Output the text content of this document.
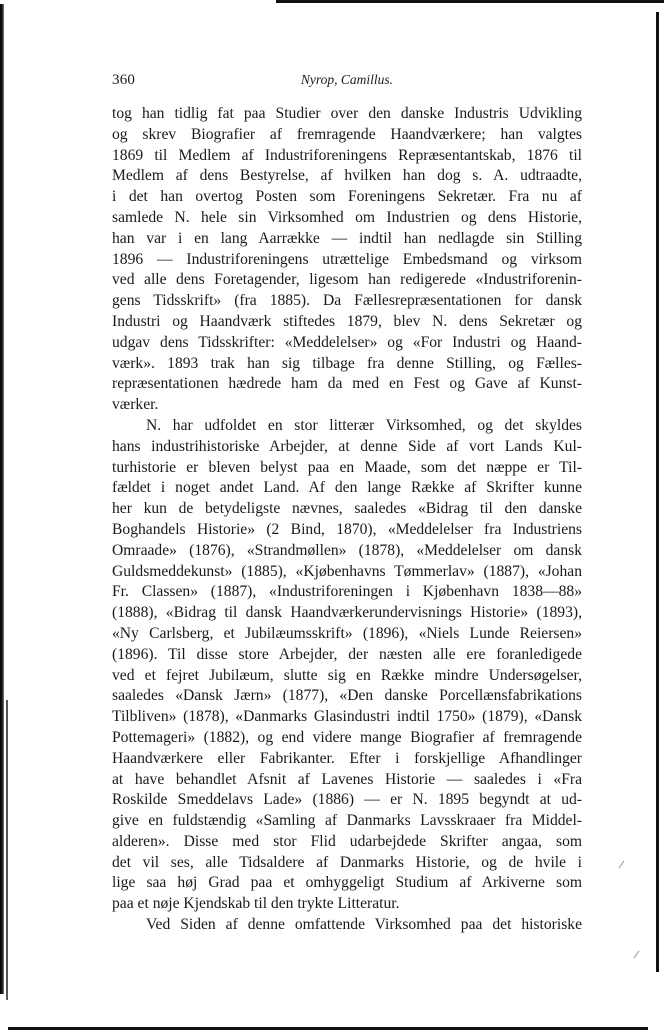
360	Nyrop, Camillus.
tog han tidlig fat paa Studier over den danske Industris Udvikling
og skrev Biografier af fremragende Haandværkere; han valgtes
1869 til Medlem af Industriforeningens Repræsentantskab, 1876 til
Medlem af dens Bestyrelse, af hvilken han dog s. A. udtraadte,
i det han overtog Posten som Foreningens Sekretær. Fra nu af
samlede N. hele sin Virksomhed om Industrien og dens Historie,
han var i en lang Aarrække — indtil han nedlagde sin Stilling
1896 — Industriforeningens utrættelige Embedsmand og virksom
ved alle dens Foretagender, ligesom han redigerede «Industriforenin-
gens Tidsskrift» (fra 1885). Da Fællesrepræsentationen for dansk
Industri og Haandværk stiftedes 1879, blev N. dens Sekretær og
udgav dens Tidsskrifter: «Meddelelser» og «For Industri og Haand-
værk». 1893 trak han sig tilbage fra denne Stilling, og Fælles-
repræsentationen hædrede ham da med en Fest og Gave af Kunst-
værker.
N. har udfoldet en stor litterær Virksomhed, og det skyldes
hans industrihistoriske Arbejder, at denne Side af vort Lands Kul-
turhistorie er bleven belyst paa en Maade, som det næppe er Til-
fældet i noget andet Land. Af den lange Række af Skrifter kunne
her kun de betydeligste nævnes, saaledes «Bidrag til den danske
Boghandels Historie» (2 Bind, 1870), «Meddelelser fra Industriens
Omraade» (1876), «Strandmøllen» (1878), «Meddelelser om dansk
Guldsmeddekunst» (1885), «Kjøbenhavns Tømmerlav» (1887), «Johan
Fr. Classen» (1887), «Industriforeningen i Kjøbenhavn 1838—88»
(1888), «Bidrag til dansk Haandværkerundervisnings Historie» (1893),
«Ny Carlsberg, et Jubilæumsskrift» (1896), «Niels Lunde Reiersen»
(1896). Til disse store Arbejder, der næsten alle ere foranledigede
ved et fejret Jubilæum, slutte sig en Række mindre Undersøgelser,
saaledes «Dansk Jærn» (1877), «Den danske Porcellænsfabrikations
Tilbliven» (1878), «Danmarks Glasindustri indtil 1750» (1879), «Dansk
Pottemageri» (1882), og end videre mange Biografier af fremragende
Haandværkere eller Fabrikanter. Efter i forskjellige Afhandlinger
at have behandlet Afsnit af Lavenes Historie — saaledes i «Fra
Roskilde Smeddelavs Lade» (1886) — er N. 1895 begyndt at ud-
give en fuldstændig «Samling af Danmarks Lavsskraaer fra Middel-
alderen». Disse med stor Flid udarbejdede Skrifter angaa, som
det vil ses, alle Tidsaldere af Danmarks Historie, og de hvile i
lige saa høj Grad paa et omhyggeligt Studium af Arkiverne som
paa et nøje Kjendskab til den trykte Litteratur.
Ved Siden af denne omfattende Virksomhed paa det historiske
